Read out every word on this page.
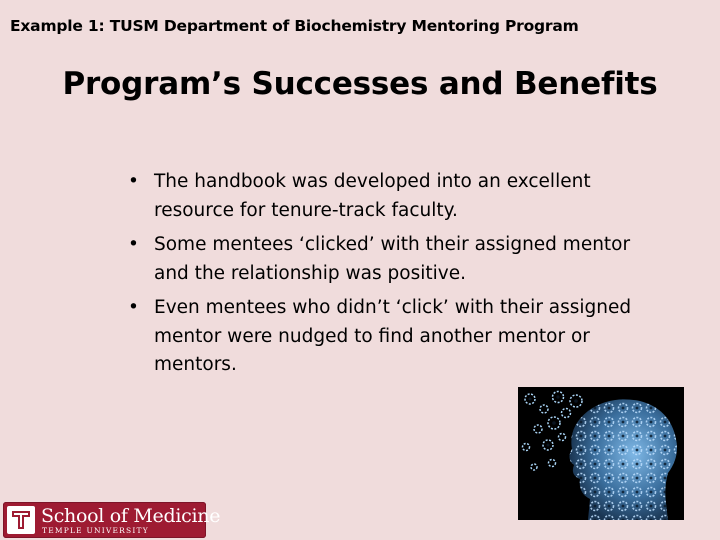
Example 1: TUSM Department of Biochemistry Mentoring Program
Program’s Successes and Benefits
• The handbook was developed into an excellent resource for tenure-track faculty.
• Some mentees ‘clicked’ with their assigned mentor and the relationship was positive.
• Even mentees who didn’t ‘click’ with their assigned mentor were nudged to find another mentor or mentors.
School of Medicine
TEMPLE UNIVERSITY
